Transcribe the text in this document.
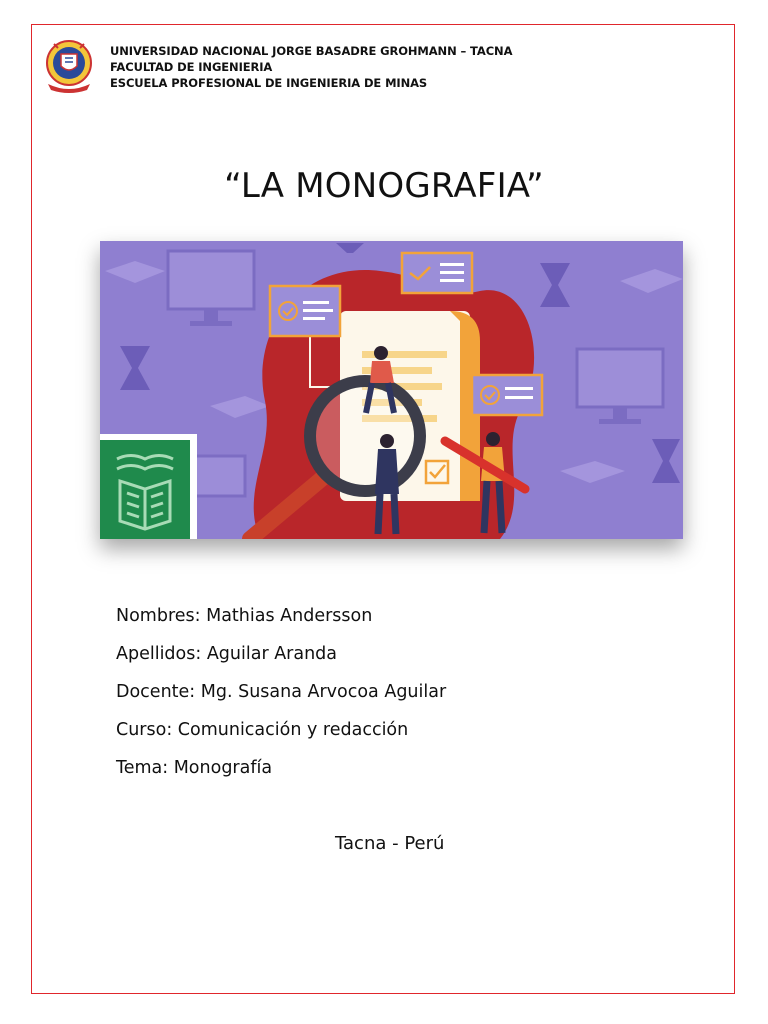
UNIVERSIDAD NACIONAL JORGE BASADRE GROHMANN – TACNA
FACULTAD DE INGENIERIA
ESCUELA PROFESIONAL DE INGENIERIA DE MINAS
“LA MONOGRAFIA”
Nombres: Mathias Andersson
Apellidos: Aguilar Aranda
Docente: Mg. Susana Arvocoa Aguilar
Curso: Comunicación y redacción
Tema: Monografía
Tacna - Perú
